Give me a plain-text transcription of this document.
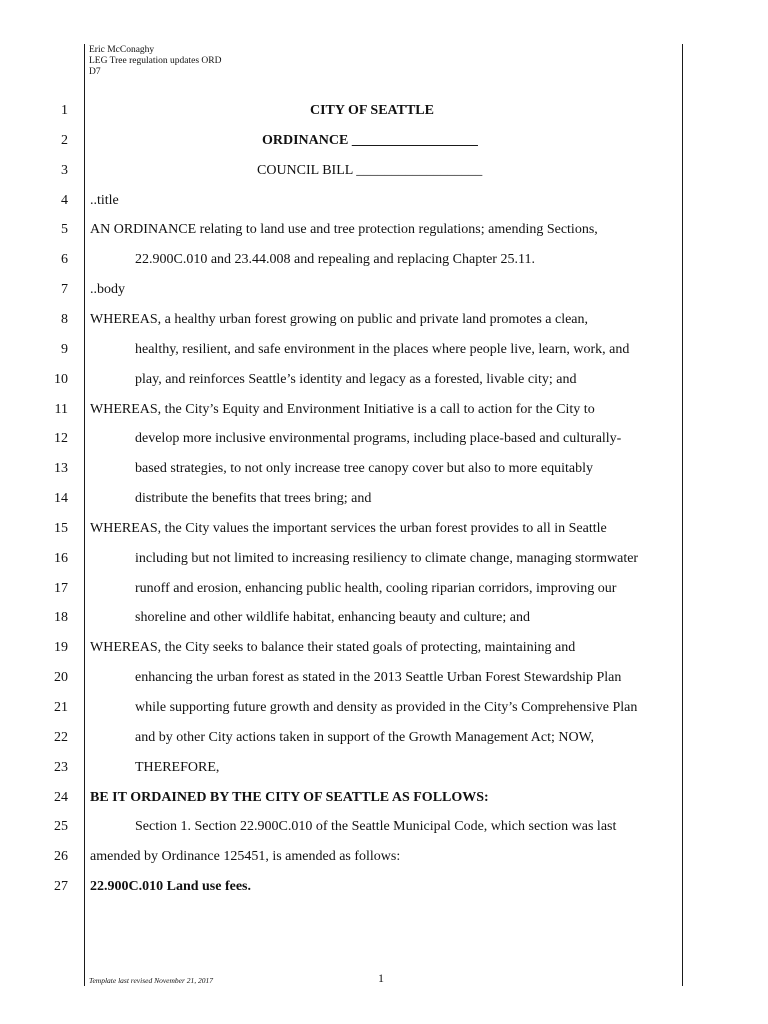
Eric McConaghy
LEG Tree regulation updates ORD
D7
1	CITY OF SEATTLE
2	ORDINANCE __________________
3	COUNCIL BILL __________________
4 ..title
5 AN ORDINANCE relating to land use and tree protection regulations; amending Sections,
6	22.900C.010 and 23.44.008 and repealing and replacing Chapter 25.11.
7 ..body
8 WHEREAS, a healthy urban forest growing on public and private land promotes a clean,
9	healthy, resilient, and safe environment in the places where people live, learn, work, and
10	play, and reinforces Seattle’s identity and legacy as a forested, livable city; and
11 WHEREAS, the City’s Equity and Environment Initiative is a call to action for the City to
12	develop more inclusive environmental programs, including place-based and culturally-
13	based strategies, to not only increase tree canopy cover but also to more equitably
14	distribute the benefits that trees bring; and
15 WHEREAS, the City values the important services the urban forest provides to all in Seattle
16	including but not limited to increasing resiliency to climate change, managing stormwater
17	runoff and erosion, enhancing public health, cooling riparian corridors, improving our
18	shoreline and other wildlife habitat, enhancing beauty and culture; and
19 WHEREAS, the City seeks to balance their stated goals of protecting, maintaining and
20	enhancing the urban forest as stated in the 2013 Seattle Urban Forest Stewardship Plan
21	while supporting future growth and density as provided in the City’s Comprehensive Plan
22	and by other City actions taken in support of the Growth Management Act; NOW,
23	THEREFORE,
24 BE IT ORDAINED BY THE CITY OF SEATTLE AS FOLLOWS:
25	Section 1. Section 22.900C.010 of the Seattle Municipal Code, which section was last
26 amended by Ordinance 125451, is amended as follows:
27 22.900C.010 Land use fees.
Template last revised November 21, 2017	1
